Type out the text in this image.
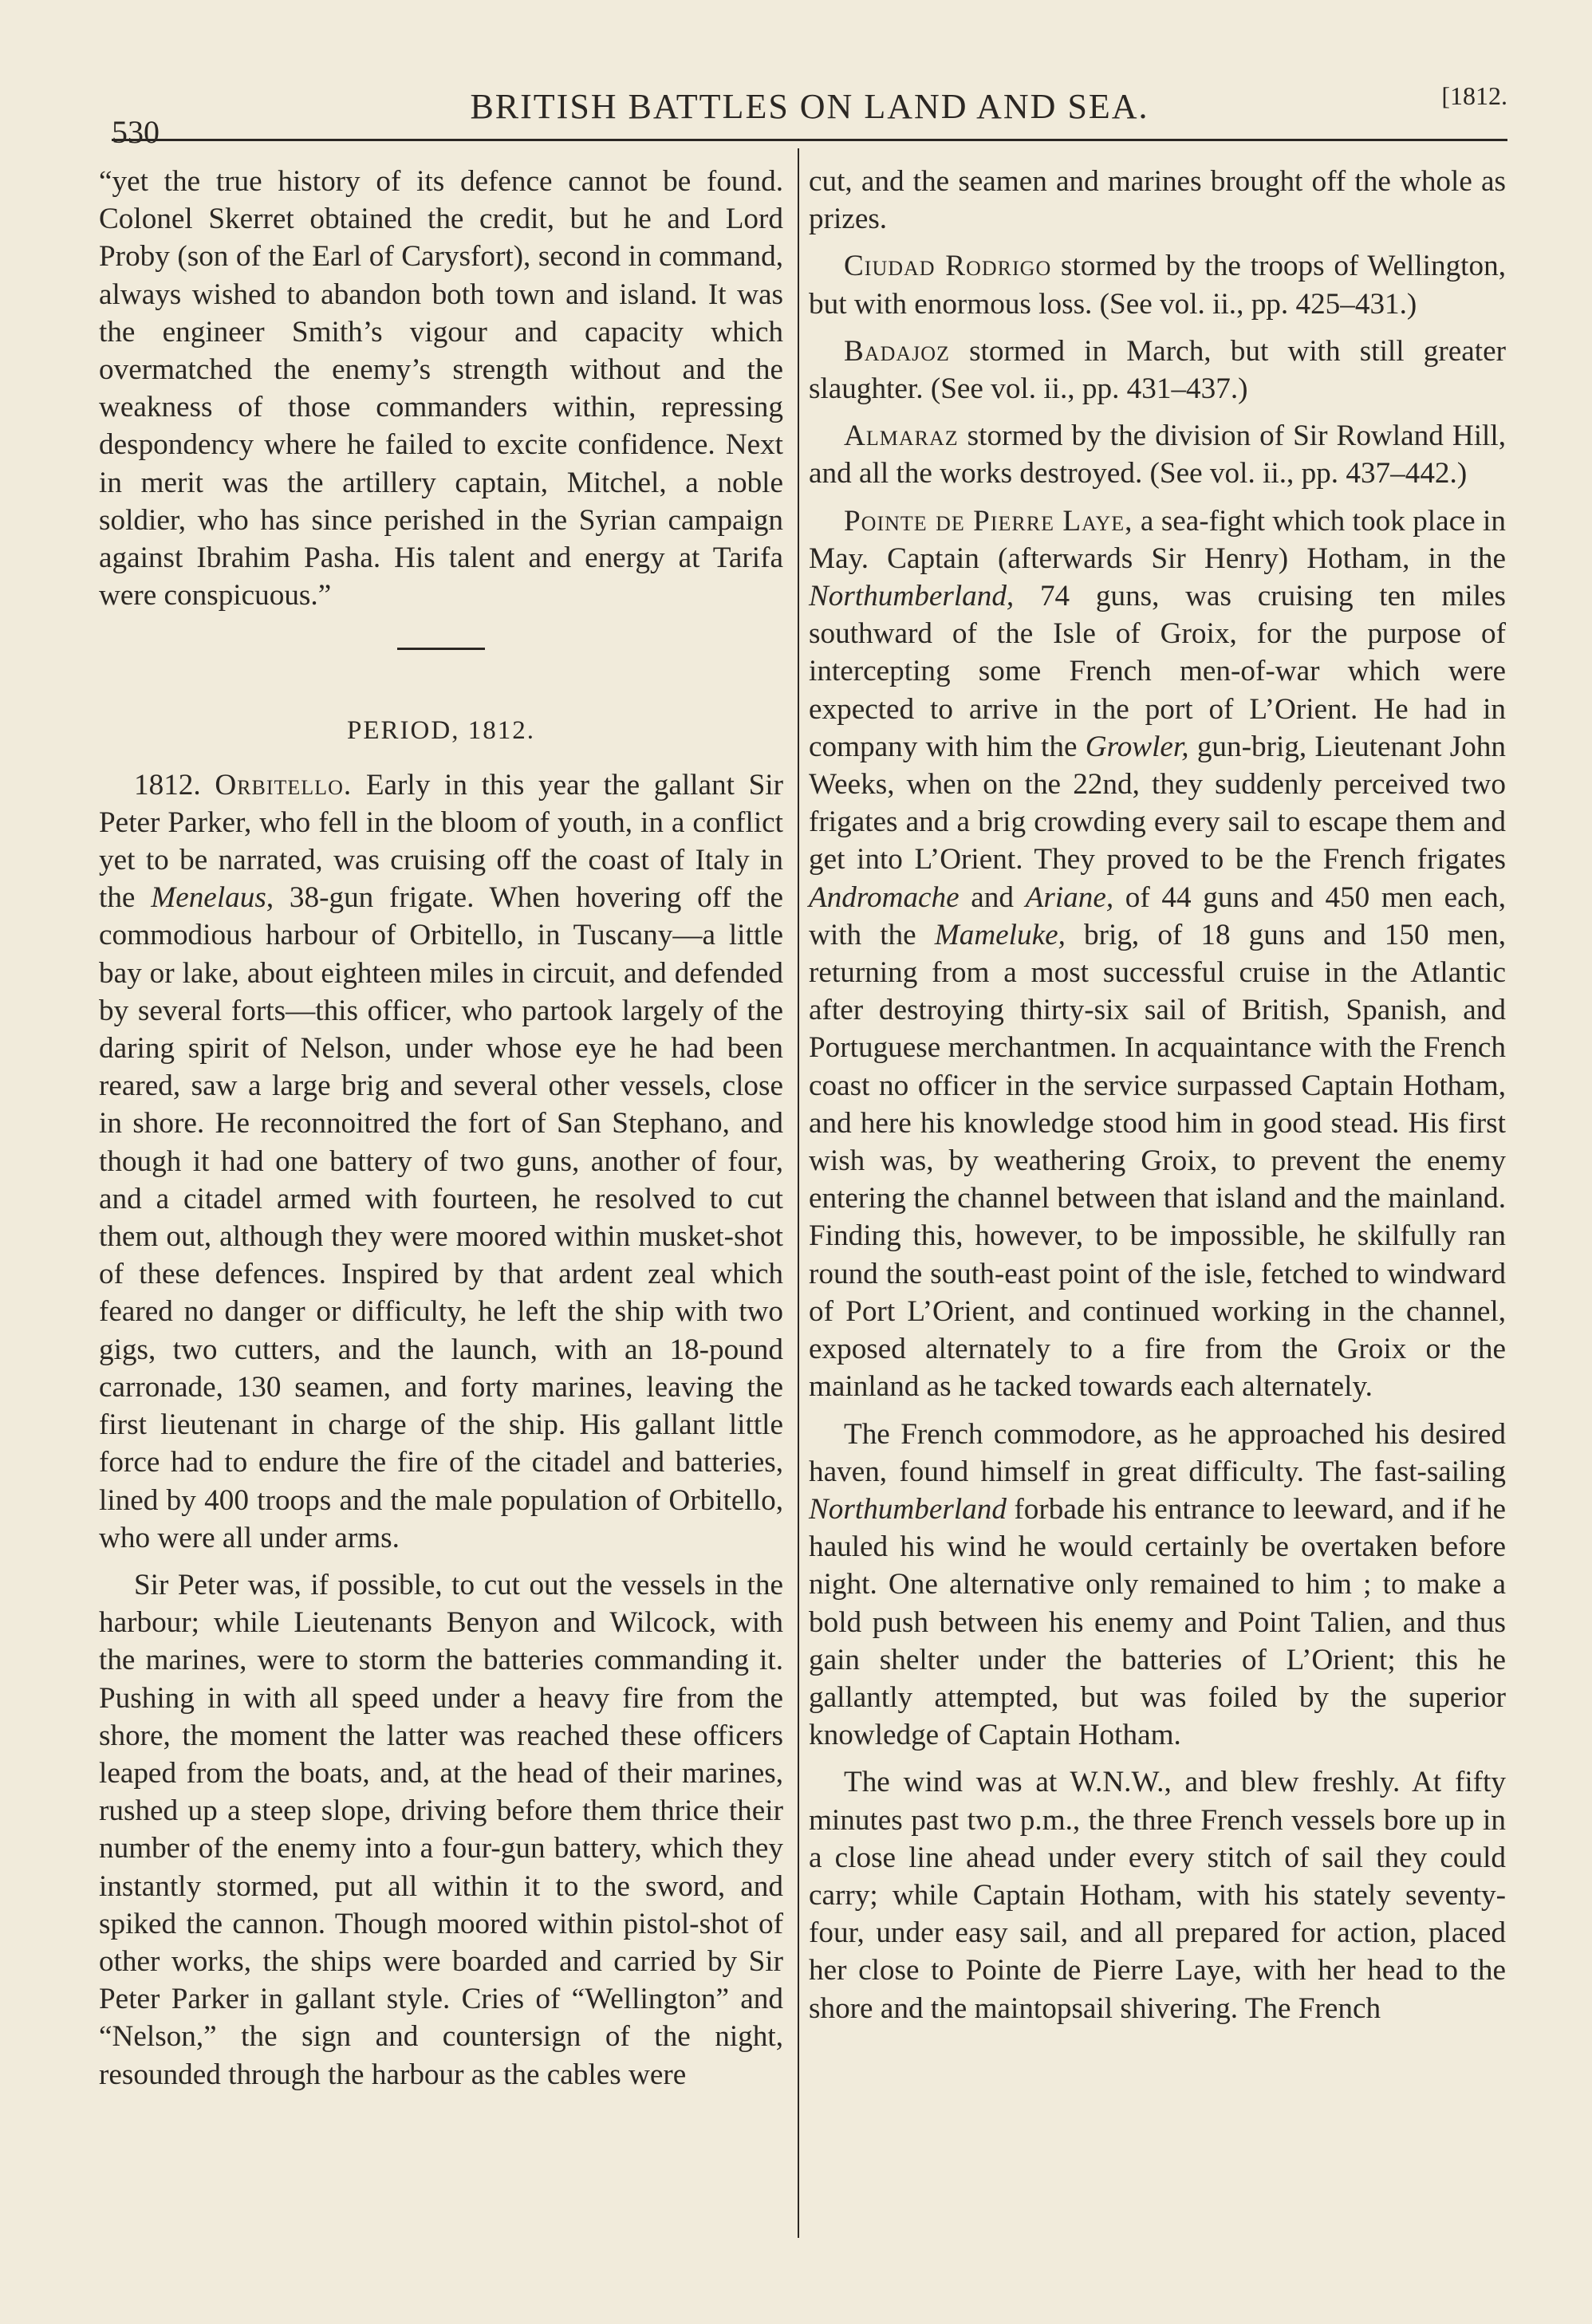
530
BRITISH BATTLES ON LAND AND SEA.	[1812.

“yet the true history of its defence cannot be found. Colonel Skerret obtained the credit, but he and Lord Proby (son of the Earl of Carysfort), second in command, always wished to abandon both town and island. It was the engineer Smith’s vigour and capacity which overmatched the enemy’s strength without and the weakness of those commanders within, repressing despondency where he failed to excite confidence. Next in merit was the artillery captain, Mitchel, a noble soldier, who has since perished in the Syrian campaign against Ibrahim Pasha. His talent and energy at Tarifa were conspicuous.”

PERIOD, 1812.

1812. Orbitello. Early in this year the gallant Sir Peter Parker, who fell in the bloom of youth, in a conflict yet to be narrated, was cruising off the coast of Italy in the Menelaus, 38-gun frigate. When hovering off the commodious harbour of Orbitello, in Tuscany—a little bay or lake, about eighteen miles in circuit, and defended by several forts—this officer, who partook largely of the daring spirit of Nelson, under whose eye he had been reared, saw a large brig and several other vessels, close in shore. He reconnoitred the fort of San Stephano, and though it had one battery of two guns, another of four, and a citadel armed with fourteen, he resolved to cut them out, although they were moored within musket-shot of these defences. Inspired by that ardent zeal which feared no danger or difficulty, he left the ship with two gigs, two cutters, and the launch, with an 18-pound carronade, 130 seamen, and forty marines, leaving the first lieutenant in charge of the ship. His gallant little force had to endure the fire of the citadel and batteries, lined by 400 troops and the male population of Orbitello, who were all under arms.

Sir Peter was, if possible, to cut out the vessels in the harbour; while Lieutenants Benyon and Wilcock, with the marines, were to storm the batteries commanding it. Pushing in with all speed under a heavy fire from the shore, the moment the latter was reached these officers leaped from the boats, and, at the head of their marines, rushed up a steep slope, driving before them thrice their number of the enemy into a four-gun battery, which they instantly stormed, put all within it to the sword, and spiked the cannon. Though moored within pistol-shot of other works, the ships were boarded and carried by Sir Peter Parker in gallant style. Cries of “Wellington” and “Nelson,” the sign and countersign of the night, resounded through the harbour as the cables were

cut, and the seamen and marines brought off the whole as prizes.

Ciudad Rodrigo stormed by the troops of Wellington, but with enormous loss. (See vol. ii., pp. 425–431.)

Badajoz stormed in March, but with still greater slaughter. (See vol. ii., pp. 431–437.)

Almaraz stormed by the division of Sir Rowland Hill, and all the works destroyed. (See vol. ii., pp. 437–442.)

Pointe de Pierre Laye, a sea-fight which took place in May. Captain (afterwards Sir Henry) Hotham, in the Northumberland, 74 guns, was cruising ten miles southward of the Isle of Groix, for the purpose of intercepting some French men-of-war which were expected to arrive in the port of L’Orient. He had in company with him the Growler, gun-brig, Lieutenant John Weeks, when on the 22nd, they suddenly perceived two frigates and a brig crowding every sail to escape them and get into L’Orient. They proved to be the French frigates Andromache and Ariane, of 44 guns and 450 men each, with the Mameluke, brig, of 18 guns and 150 men, returning from a most successful cruise in the Atlantic after destroying thirty-six sail of British, Spanish, and Portuguese merchantmen. In acquaintance with the French coast no officer in the service surpassed Captain Hotham, and here his knowledge stood him in good stead. His first wish was, by weathering Groix, to prevent the enemy entering the channel between that island and the mainland. Finding this, however, to be impossible, he skilfully ran round the south-east point of the isle, fetched to windward of Port L’Orient, and continued working in the channel, exposed alternately to a fire from the Groix or the mainland as he tacked towards each alternately.

The French commodore, as he approached his desired haven, found himself in great difficulty. The fast-sailing Northumberland forbade his entrance to leeward, and if he hauled his wind he would certainly be overtaken before night. One alternative only remained to him ; to make a bold push between his enemy and Point Talien, and thus gain shelter under the batteries of L’Orient; this he gallantly attempted, but was foiled by the superior knowledge of Captain Hotham.

The wind was at W.N.W., and blew freshly. At fifty minutes past two p.m., the three French vessels bore up in a close line ahead under every stitch of sail they could carry; while Captain Hotham, with his stately seventy-four, under easy sail, and all prepared for action, placed her close to Pointe de Pierre Laye, with her head to the shore and the maintopsail shivering. The French
